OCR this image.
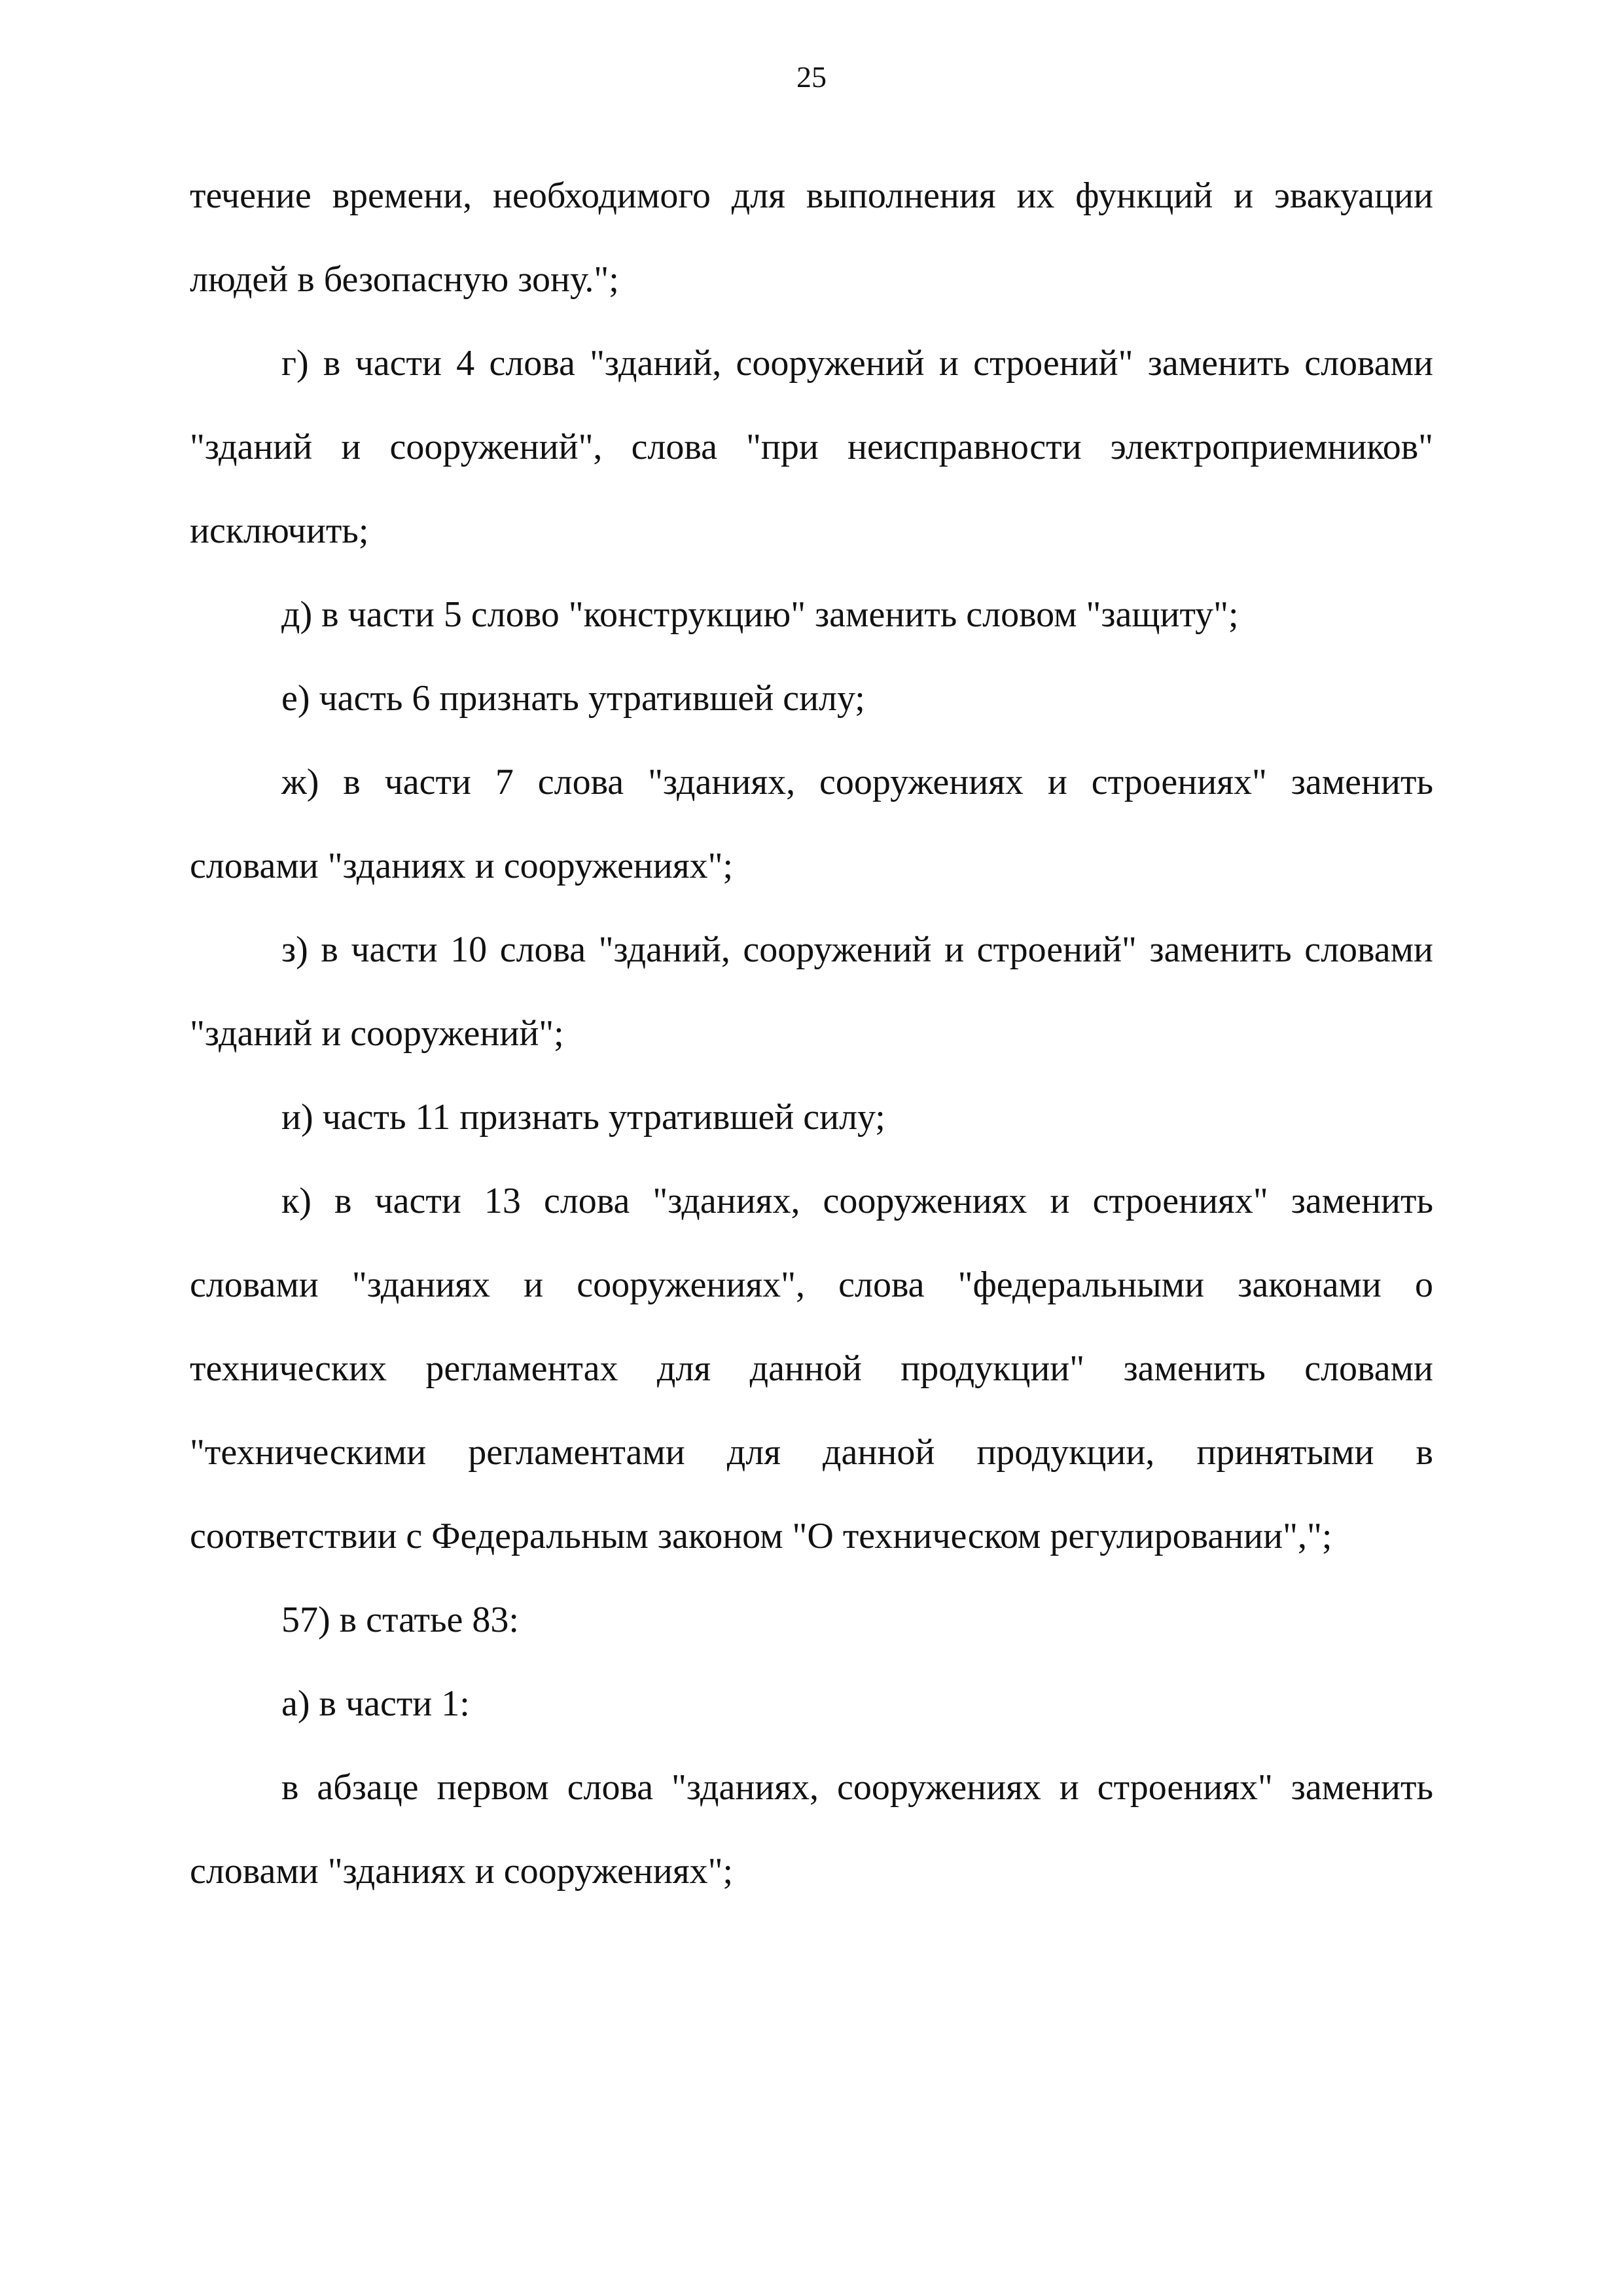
25

течение времени, необходимого для выполнения их функций и эвакуации людей в безопасную зону.";

г) в части 4 слова "зданий, сооружений и строений" заменить словами "зданий и сооружений", слова "при неисправности электроприемников" исключить;

д) в части 5 слово "конструкцию" заменить словом "защиту";

е) часть 6 признать утратившей силу;

ж) в части 7 слова "зданиях, сооружениях и строениях" заменить словами "зданиях и сооружениях";

з) в части 10 слова "зданий, сооружений и строений" заменить словами "зданий и сооружений";

и) часть 11 признать утратившей силу;

к) в части 13 слова "зданиях, сооружениях и строениях" заменить словами "зданиях и сооружениях", слова "федеральными законами о технических регламентах для данной продукции" заменить словами "техническими регламентами для данной продукции, принятыми в соответствии с Федеральным законом "О техническом регулировании",";

57) в статье 83:

а) в части 1:

в абзаце первом слова "зданиях, сооружениях и строениях" заменить словами "зданиях и сооружениях";
